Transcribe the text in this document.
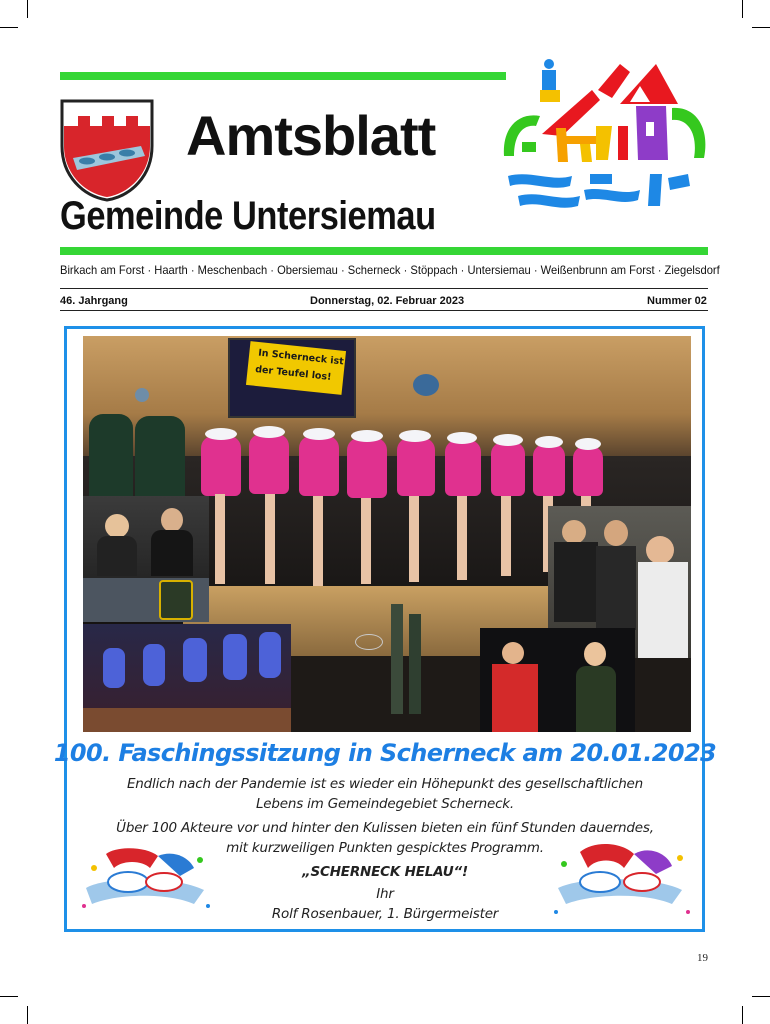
Amtsblatt
Gemeinde Untersiemau
Birkach am Forst · Haarth · Meschenbach · Obersiemau · Scherneck · Stöppach · Untersiemau · Weißenbrunn am Forst · Ziegelsdorf
46. Jahrgang	Donnerstag, 02. Februar 2023	Nummer 02
In Scherneck ist
der Teufel los!
100. Faschingssitzung in Scherneck am 20.01.2023
Endlich nach der Pandemie ist es wieder ein Höhepunkt des gesellschaftlichen
Lebens im Gemeindegebiet Scherneck.
Über 100 Akteure vor und hinter den Kulissen bieten ein fünf Stunden dauerndes,
mit kurzweiligen Punkten gespicktes Programm.
„SCHERNECK HELAU“!
Ihr
Rolf Rosenbauer, 1. Bürgermeister
19
